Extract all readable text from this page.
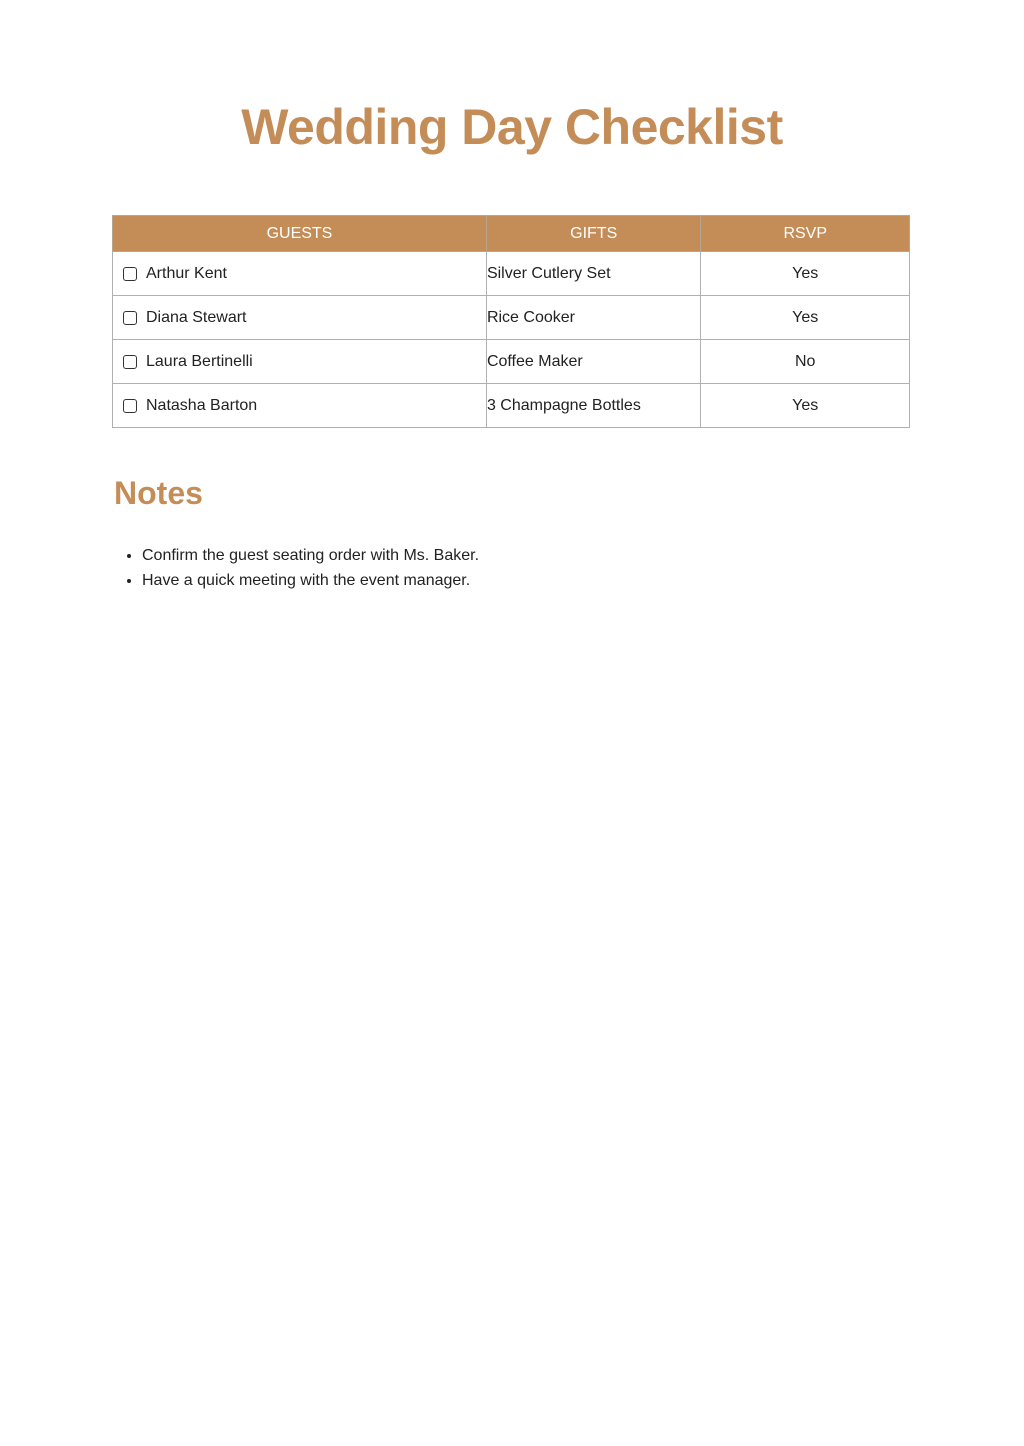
Wedding Day Checklist
GUESTS	GIFTS	RSVP

Arthur Kent	Silver Cutlery Set	Yes

Diana Stewart	Rice Cooker	Yes

Laura Bertinelli	Coffee Maker	No

Natasha Barton	3 Champagne Bottles	Yes
Notes
• Confirm the guest seating order with Ms. Baker.
• Have a quick meeting with the event manager.
